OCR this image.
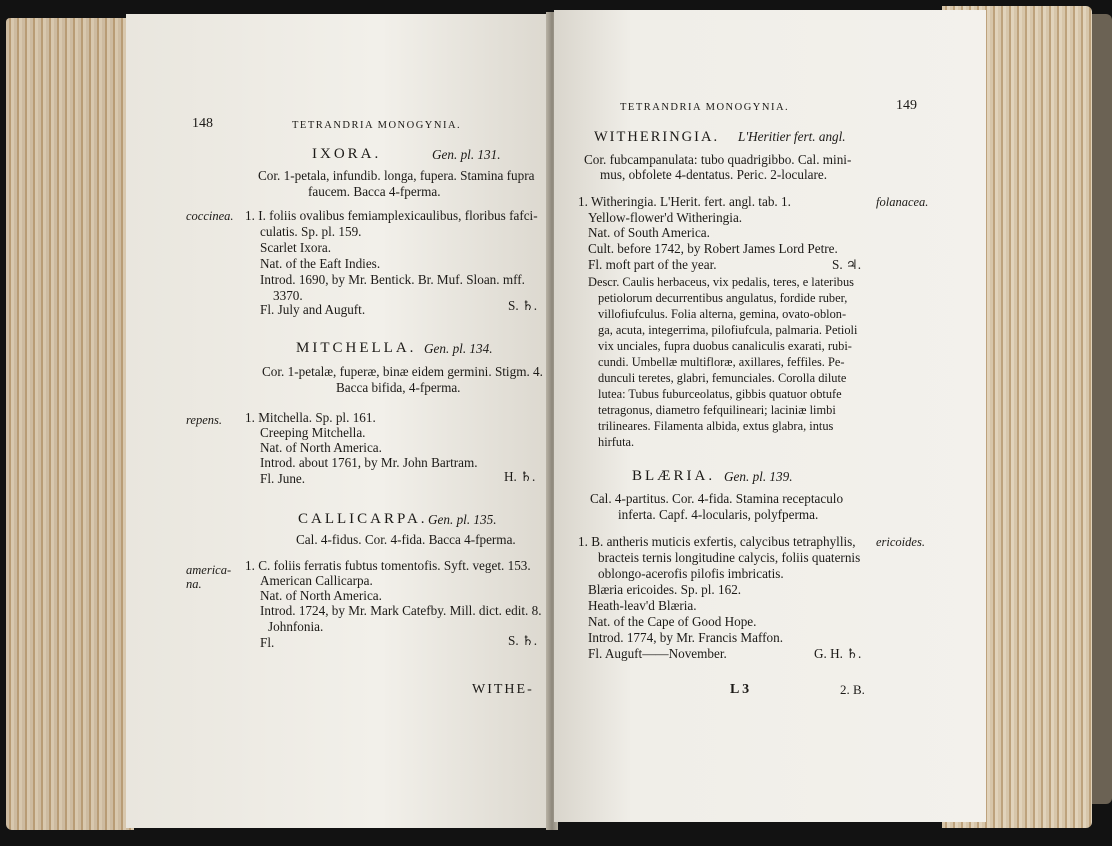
148	TETRANDRIA MONOGYNIA.
IXORA.	Gen. pl. 131.
Cor. 1-petala, infundib. longa, fupera. Stamina fupra
faucem. Bacca 4-fperma.
coccinea. 1. I. foliis ovalibus femiamplexicaulibus, floribus fafci-
culatis. Sp. pl. 159.
Scarlet Ixora.
Nat. of the Eaft Indies.
Introd. 1690, by Mr. Bentick. Br. Muf. Sloan. mff.
3370.
Fl. July and Auguft.	S. ♄.
MITCHELLA. Gen. pl. 134.
Cor. 1-petalæ, fuperæ, binæ eidem germini. Stigm. 4.
Bacca bifida, 4-fperma.
repens. 1. Mitchella. Sp. pl. 161.
Creeping Mitchella.
Nat. of North America.
Introd. about 1761, by Mr. John Bartram.
Fl. June.	H. ♄.
CALLICARPA. Gen. pl. 135.
Cal. 4-fidus. Cor. 4-fida. Bacca 4-fperma.
america-
na.
1. C. foliis ferratis fubtus tomentofis. Syft. veget. 153.
American Callicarpa.
Nat. of North America.
Introd. 1724, by Mr. Mark Catefby. Mill. dict. edit. 8.
Johnfonia.
Fl.	S. ♄.
WITHE-
TETRANDRIA MONOGYNIA.	149
WITHERINGIA. L'Heritier fert. angl.
Cor. fubcampanulata: tubo quadrigibbo. Cal. mini-
mus, obfolete 4-dentatus. Peric. 2-loculare.
folanacea.
1. Witheringia. L'Herit. fert. angl. tab. 1.
Yellow-flower'd Witheringia.
Nat. of South America.
Cult. before 1742, by Robert James Lord Petre.
Fl. moft part of the year.	S. ♃.
Descr. Caulis herbaceus, vix pedalis, teres, e lateribus
petiolorum decurrentibus angulatus, fordide ruber,
villofiufculus. Folia alterna, gemina, ovato-oblon-
ga, acuta, integerrima, pilofiufcula, palmaria. Petioli
vix unciales, fupra duobus canaliculis exarati, rubi-
cundi. Umbellæ multifloræ, axillares, feffiles. Pe-
dunculi teretes, glabri, femunciales. Corolla dilute
lutea: Tubus fuburceolatus, gibbis quatuor obtufe
tetragonus, diametro fefquilineari; laciniæ limbi
trilineares. Filamenta albida, extus glabra, intus
hirfuta.
BLÆRIA. Gen. pl. 139.
Cal. 4-partitus. Cor. 4-fida. Stamina receptaculo
inferta. Capf. 4-locularis, polyfperma.
ericoides.
1. B. antheris muticis exfertis, calycibus tetraphyllis,
bracteis ternis longitudine calycis, foliis quaternis
oblongo-acerofis pilofis imbricatis.
Blæria ericoides. Sp. pl. 162.
Heath-leav'd Blæria.
Nat. of the Cape of Good Hope.
Introd. 1774, by Mr. Francis Maffon.
Fl. Auguft——November.	G. H. ♄.
L 3	2. B.
